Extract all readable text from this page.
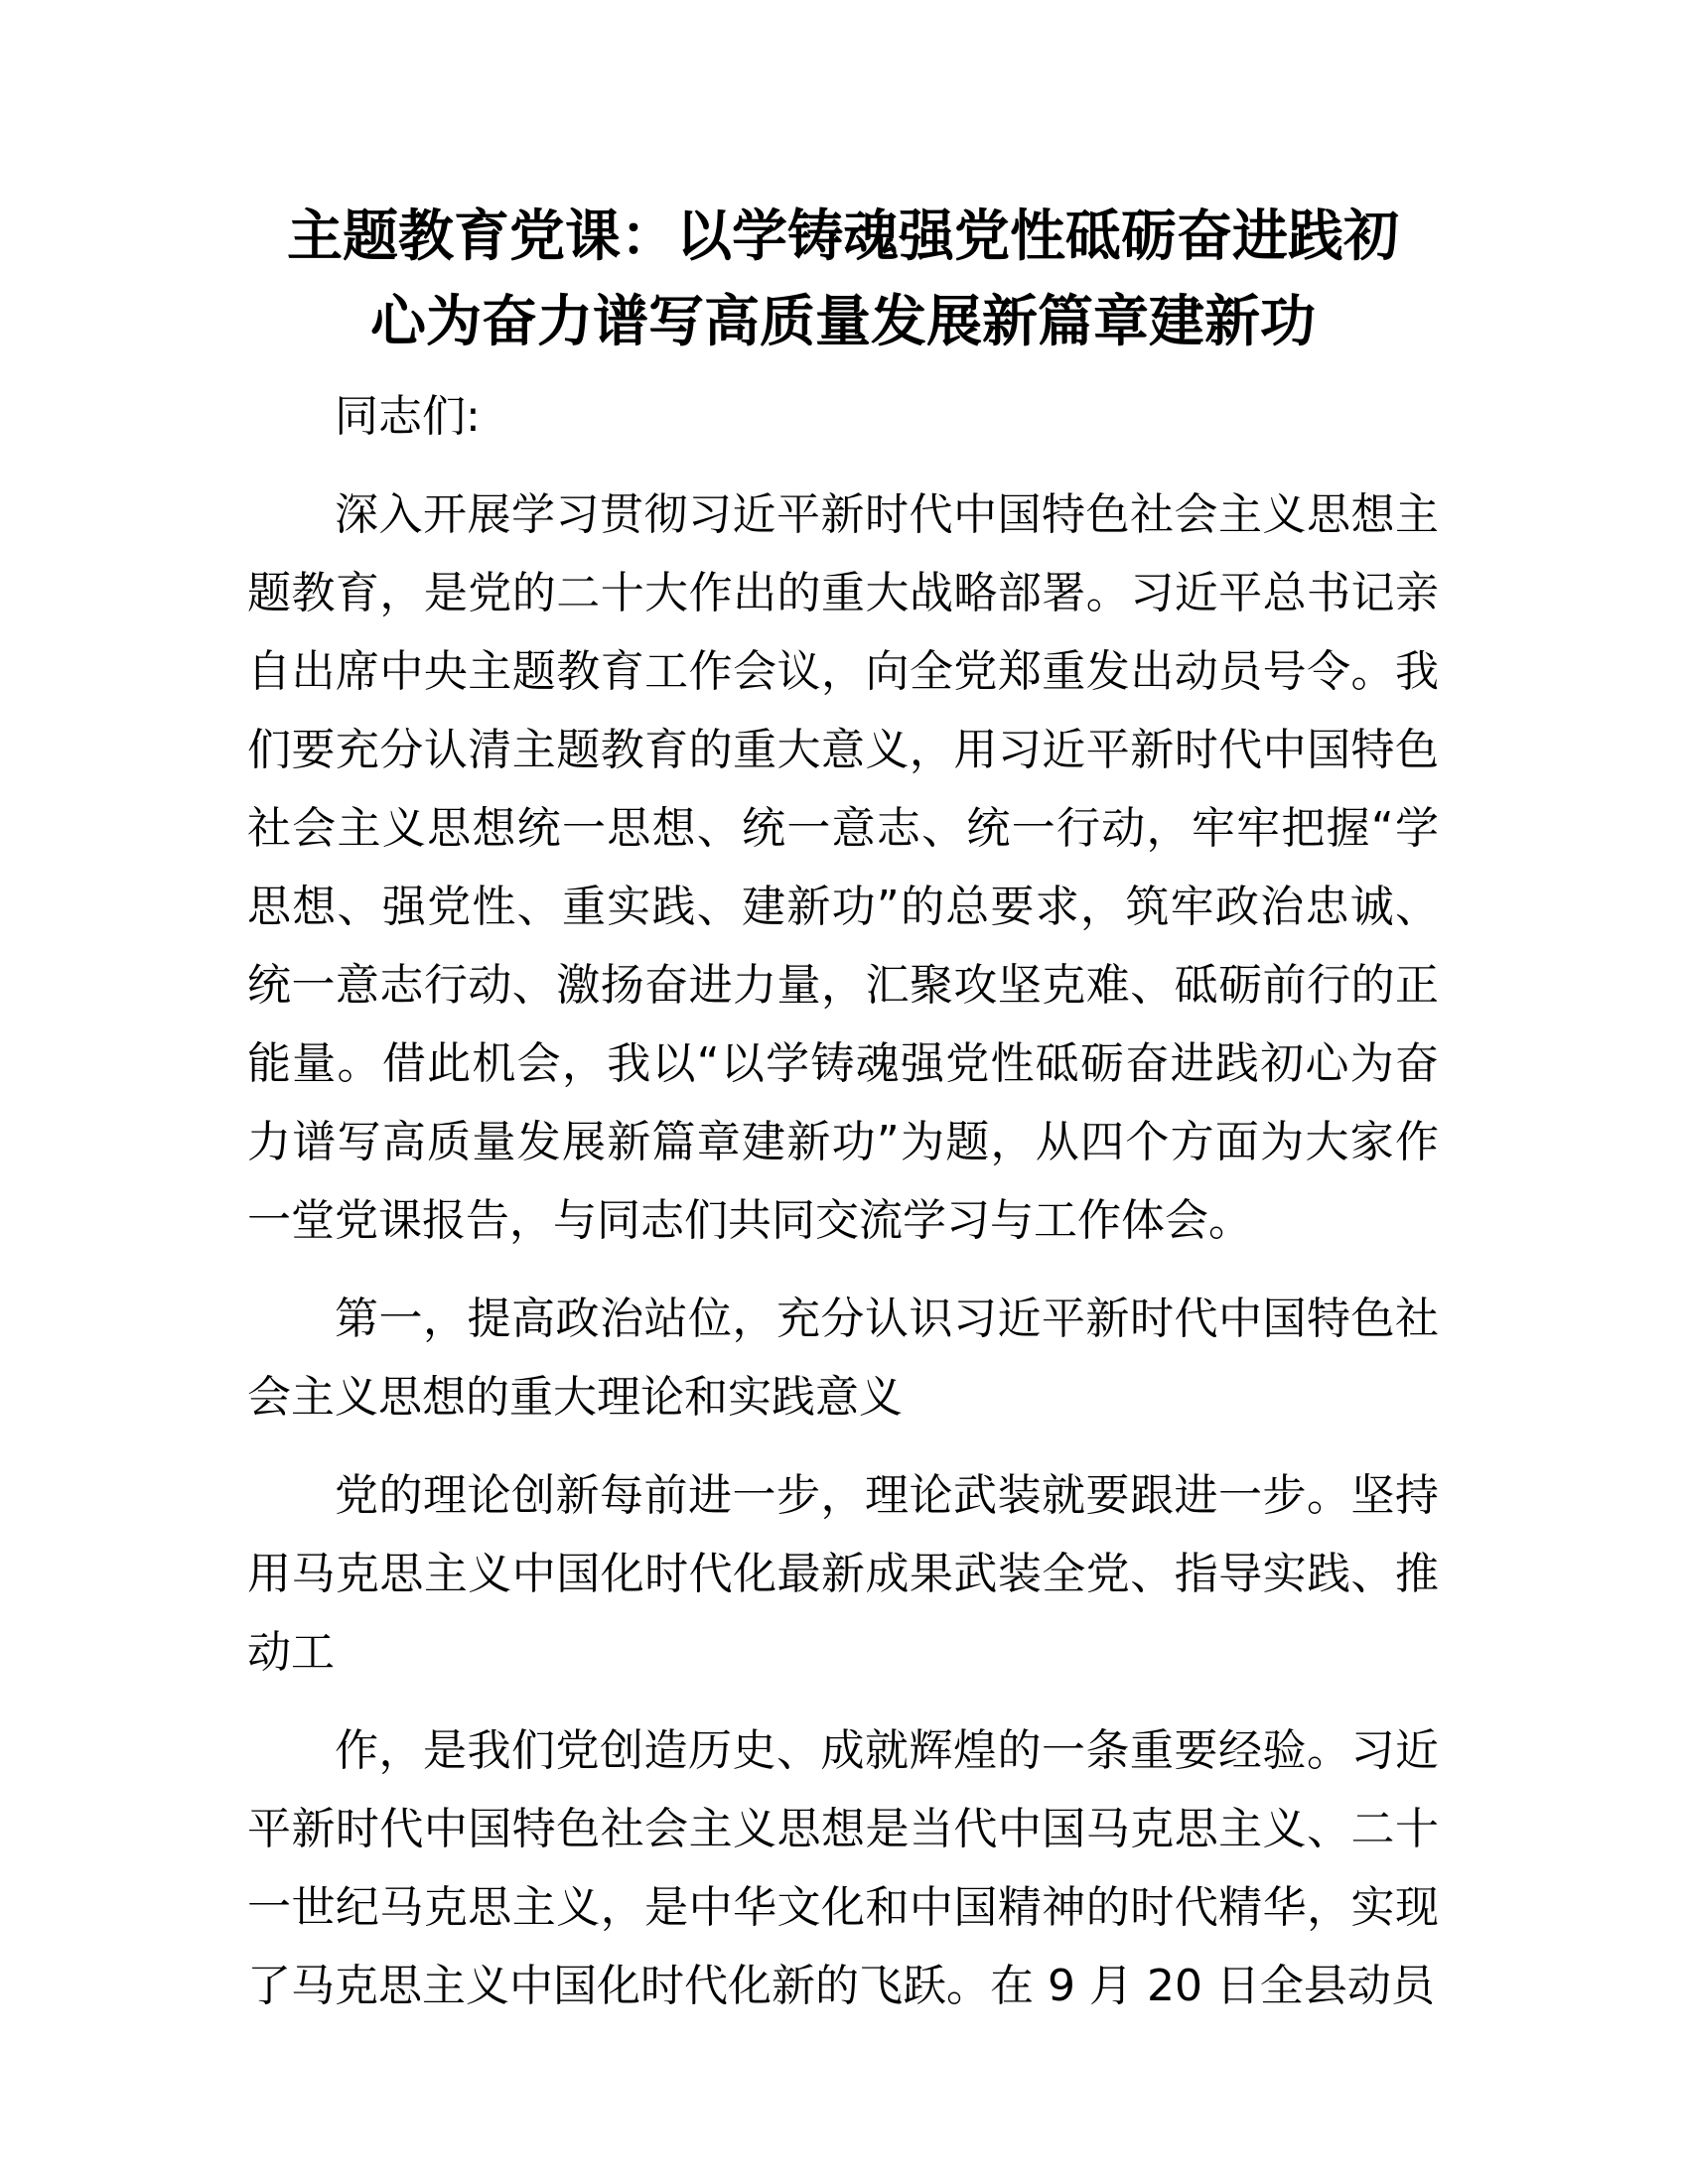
主题教育党课：以学铸魂强党性砥砺奋进践初
心为奋力谱写高质量发展新篇章建新功

同志们:

深入开展学习贯彻习近平新时代中国特色社会主义思想主题教育，是党的二十大作出的重大战略部署。习近平总书记亲自出席中央主题教育工作会议，向全党郑重发出动员号令。我们要充分认清主题教育的重大意义，用习近平新时代中国特色社会主义思想统一思想、统一意志、统一行动，牢牢把握“学思想、强党性、重实践、建新功”的总要求，筑牢政治忠诚、统一意志行动、激扬奋进力量，汇聚攻坚克难、砥砺前行的正能量。借此机会，我以“以学铸魂强党性砥砺奋进践初心为奋力谱写高质量发展新篇章建新功”为题，从四个方面为大家作一堂党课报告，与同志们共同交流学习与工作体会。

第一，提高政治站位，充分认识习近平新时代中国特色社会主义思想的重大理论和实践意义

党的理论创新每前进一步，理论武装就要跟进一步。坚持用马克思主义中国化时代化最新成果武装全党、指导实践、推动工

作，是我们党创造历史、成就辉煌的一条重要经验。习近平新时代中国特色社会主义思想是当代中国马克思主义、二十一世纪马克思主义，是中华文化和中国精神的时代精华，实现了马克思主义中国化时代化新的飞跃。在 9 月 20 日全县动员
